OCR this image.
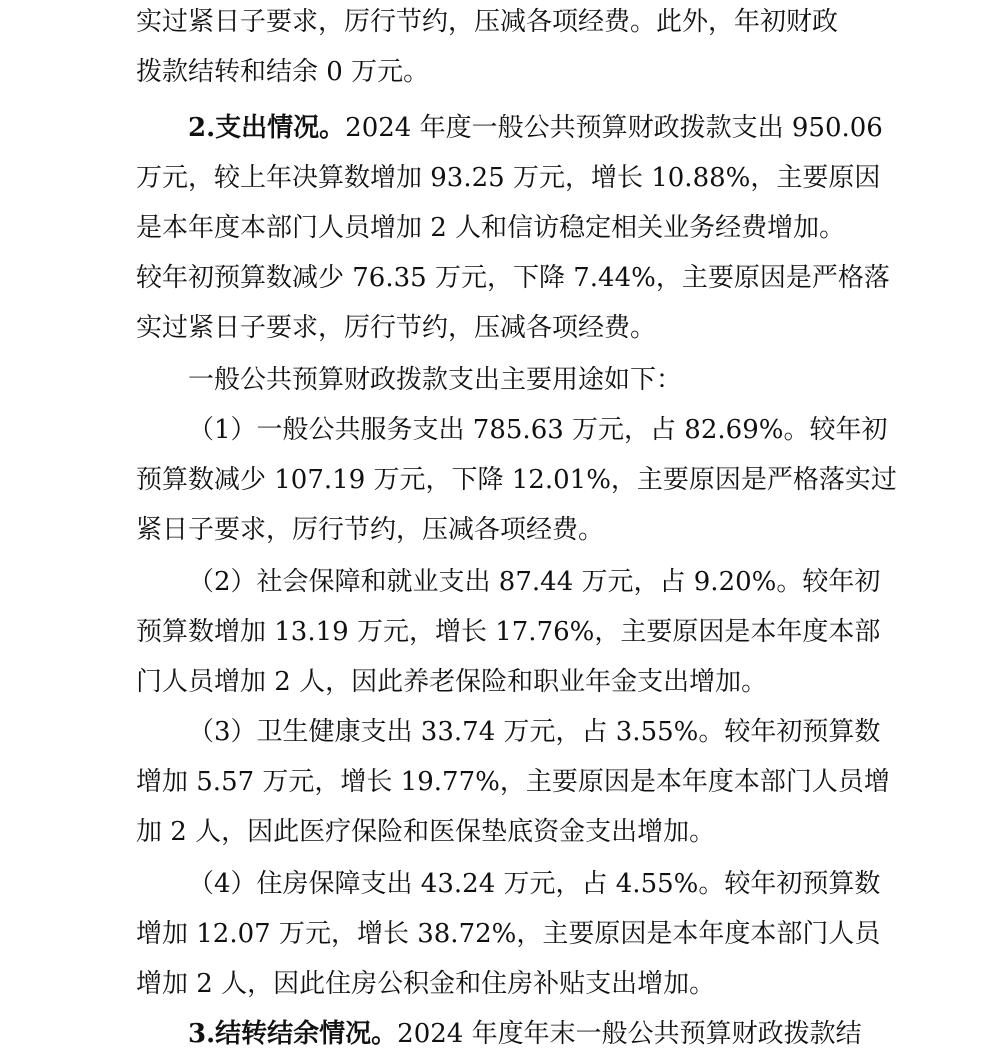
实过紧日子要求，厉行节约，压减各项经费。此外，年初财政
拨款结转和结余 0 万元。
2.支出情况。2024 年度一般公共预算财政拨款支出 950.06
万元，较上年决算数增加 93.25 万元，增长 10.88%，主要原因
是本年度本部门人员增加 2 人和信访稳定相关业务经费增加。
较年初预算数减少 76.35 万元，下降 7.44%，主要原因是严格落
实过紧日子要求，厉行节约，压减各项经费。
一般公共预算财政拨款支出主要用途如下：
（1）一般公共服务支出 785.63 万元，占 82.69%。较年初
预算数减少 107.19 万元，下降 12.01%，主要原因是严格落实过
紧日子要求，厉行节约，压减各项经费。
（2）社会保障和就业支出 87.44 万元，占 9.20%。较年初
预算数增加 13.19 万元，增长 17.76%，主要原因是本年度本部
门人员增加 2 人，因此养老保险和职业年金支出增加。
（3）卫生健康支出 33.74 万元，占 3.55%。较年初预算数
增加 5.57 万元，增长 19.77%，主要原因是本年度本部门人员增
加 2 人，因此医疗保险和医保垫底资金支出增加。
（4）住房保障支出 43.24 万元，占 4.55%。较年初预算数
增加 12.07 万元，增长 38.72%，主要原因是本年度本部门人员
增加 2 人，因此住房公积金和住房补贴支出增加。
3.结转结余情况。2024 年度年末一般公共预算财政拨款结
